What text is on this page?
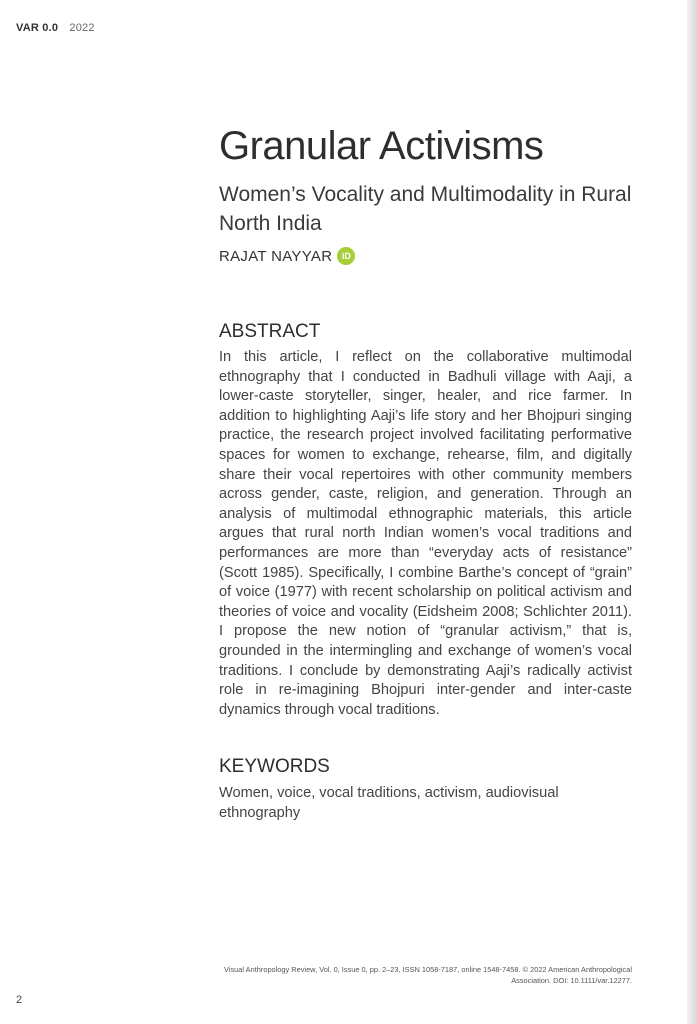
VAR 0.0 2022
Granular Activisms
Women’s Vocality and Multimodality in Rural North India
RAJAT NAYYAR	iD
ABSTRACT

In this article, I reflect on the collaborative multimodal ethnography that I conducted in Badhuli village with Aaji, a lower-caste storyteller, singer, healer, and rice farmer. In addition to highlighting Aaji’s life story and her Bhojpuri singing practice, the research project involved facilitating performative spaces for women to exchange, rehearse, film, and digitally share their vocal repertoires with other community members across gender, caste, religion, and generation. Through an analysis of multimodal ethnographic materials, this article argues that rural north Indian women’s vocal traditions and performances are more than “everyday acts of resistance” (Scott 1985). Specifically, I combine Barthe’s concept of “grain” of voice (1977) with recent scholarship on political activism and theories of voice and vocality (Eidsheim 2008; Schlichter 2011). I propose the new notion of “granular activism,” that is, grounded in the intermingling and exchange of women’s vocal traditions. I conclude by demonstrating Aaji’s radically activist role in re-imagining Bhojpuri inter-gender and inter-caste dynamics through vocal traditions.

KEYWORDS

Women, voice, vocal traditions, activism, audiovisual ethnography

Visual Anthropology Review, Vol. 0, Issue 0, pp. 2–23, ISSN 1058-7187, online 1548-7458. © 2022 American Anthropological Association. DOI: 10.1111/var.12277.

2
